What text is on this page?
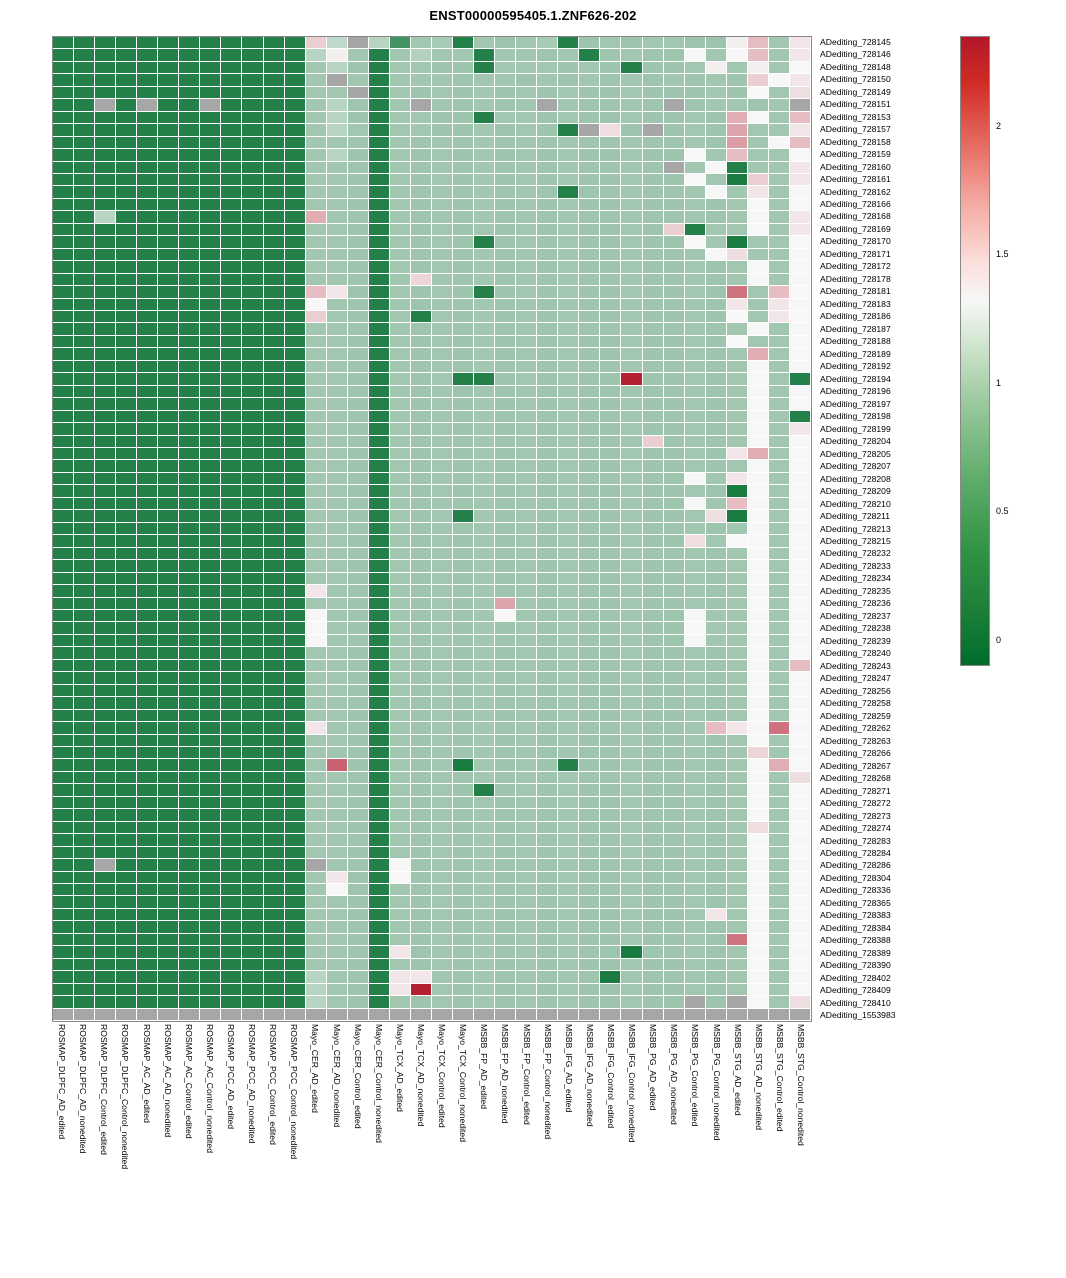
ENST00000595405.1.ZNF626-202
ADediting_728145
ADediting_728146
ADediting_728148
ADediting_728150
ADediting_728149
ADediting_728151
ADediting_728153
ADediting_728157
ADediting_728158
ADediting_728159
ADediting_728160
ADediting_728161
ADediting_728162
ADediting_728166
ADediting_728168
ADediting_728169
ADediting_728170
ADediting_728171
ADediting_728172
ADediting_728178
ADediting_728181
ADediting_728183
ADediting_728186
ADediting_728187
ADediting_728188
ADediting_728189
ADediting_728192
ADediting_728194
ADediting_728196
ADediting_728197
ADediting_728198
ADediting_728199
ADediting_728204
ADediting_728205
ADediting_728207
ADediting_728208
ADediting_728209
ADediting_728210
ADediting_728211
ADediting_728213
ADediting_728215
ADediting_728232
ADediting_728233
ADediting_728234
ADediting_728235
ADediting_728236
ADediting_728237
ADediting_728238
ADediting_728239
ADediting_728240
ADediting_728243
ADediting_728247
ADediting_728256
ADediting_728258
ADediting_728259
ADediting_728262
ADediting_728263
ADediting_728266
ADediting_728267
ADediting_728268
ADediting_728271
ADediting_728272
ADediting_728273
ADediting_728274
ADediting_728283
ADediting_728284
ADediting_728286
ADediting_728304
ADediting_728336
ADediting_728365
ADediting_728383
ADediting_728384
ADediting_728388
ADediting_728389
ADediting_728390
ADediting_728402
ADediting_728409
ADediting_728410
ADediting_1553983
ROSMAP_DLPFC_AD_edited ROSMAP_DLPFC_AD_nonedited ROSMAP_DLPFC_Control_edited ROSMAP_DLPFC_Control_nonedited ROSMAP_AC_AD_edited ROSMAP_AC_AD_nonedited ROSMAP_AC_Control_edited ROSMAP_AC_Control_nonedited ROSMAP_PCC_AD_edited ROSMAP_PCC_AD_nonedited ROSMAP_PCC_Control_edited ROSMAP_PCC_Control_nonedited Mayo_CER_AD_edited Mayo_CER_AD_nonedited Mayo_CER_Control_edited Mayo_CER_Control_nonedited Mayo_TCX_AD_edited Mayo_TCX_AD_nonedited Mayo_TCX_Control_edited Mayo_TCX_Control_nonedited MSBB_FP_AD_edited MSBB_FP_AD_nonedited MSBB_FP_Control_edited MSBB_FP_Control_nonedited MSBB_IFG_AD_edited MSBB_IFG_AD_nonedited MSBB_IFG_Control_edited MSBB_IFG_Control_nonedited MSBB_PG_AD_edited MSBB_PG_AD_nonedited MSBB_PG_Control_edited MSBB_PG_Control_nonedited MSBB_STG_AD_edited MSBB_STG_AD_nonedited MSBB_STG_Control_edited MSBB_STG_Control_nonedited
0
0.5
1
1.5
2
